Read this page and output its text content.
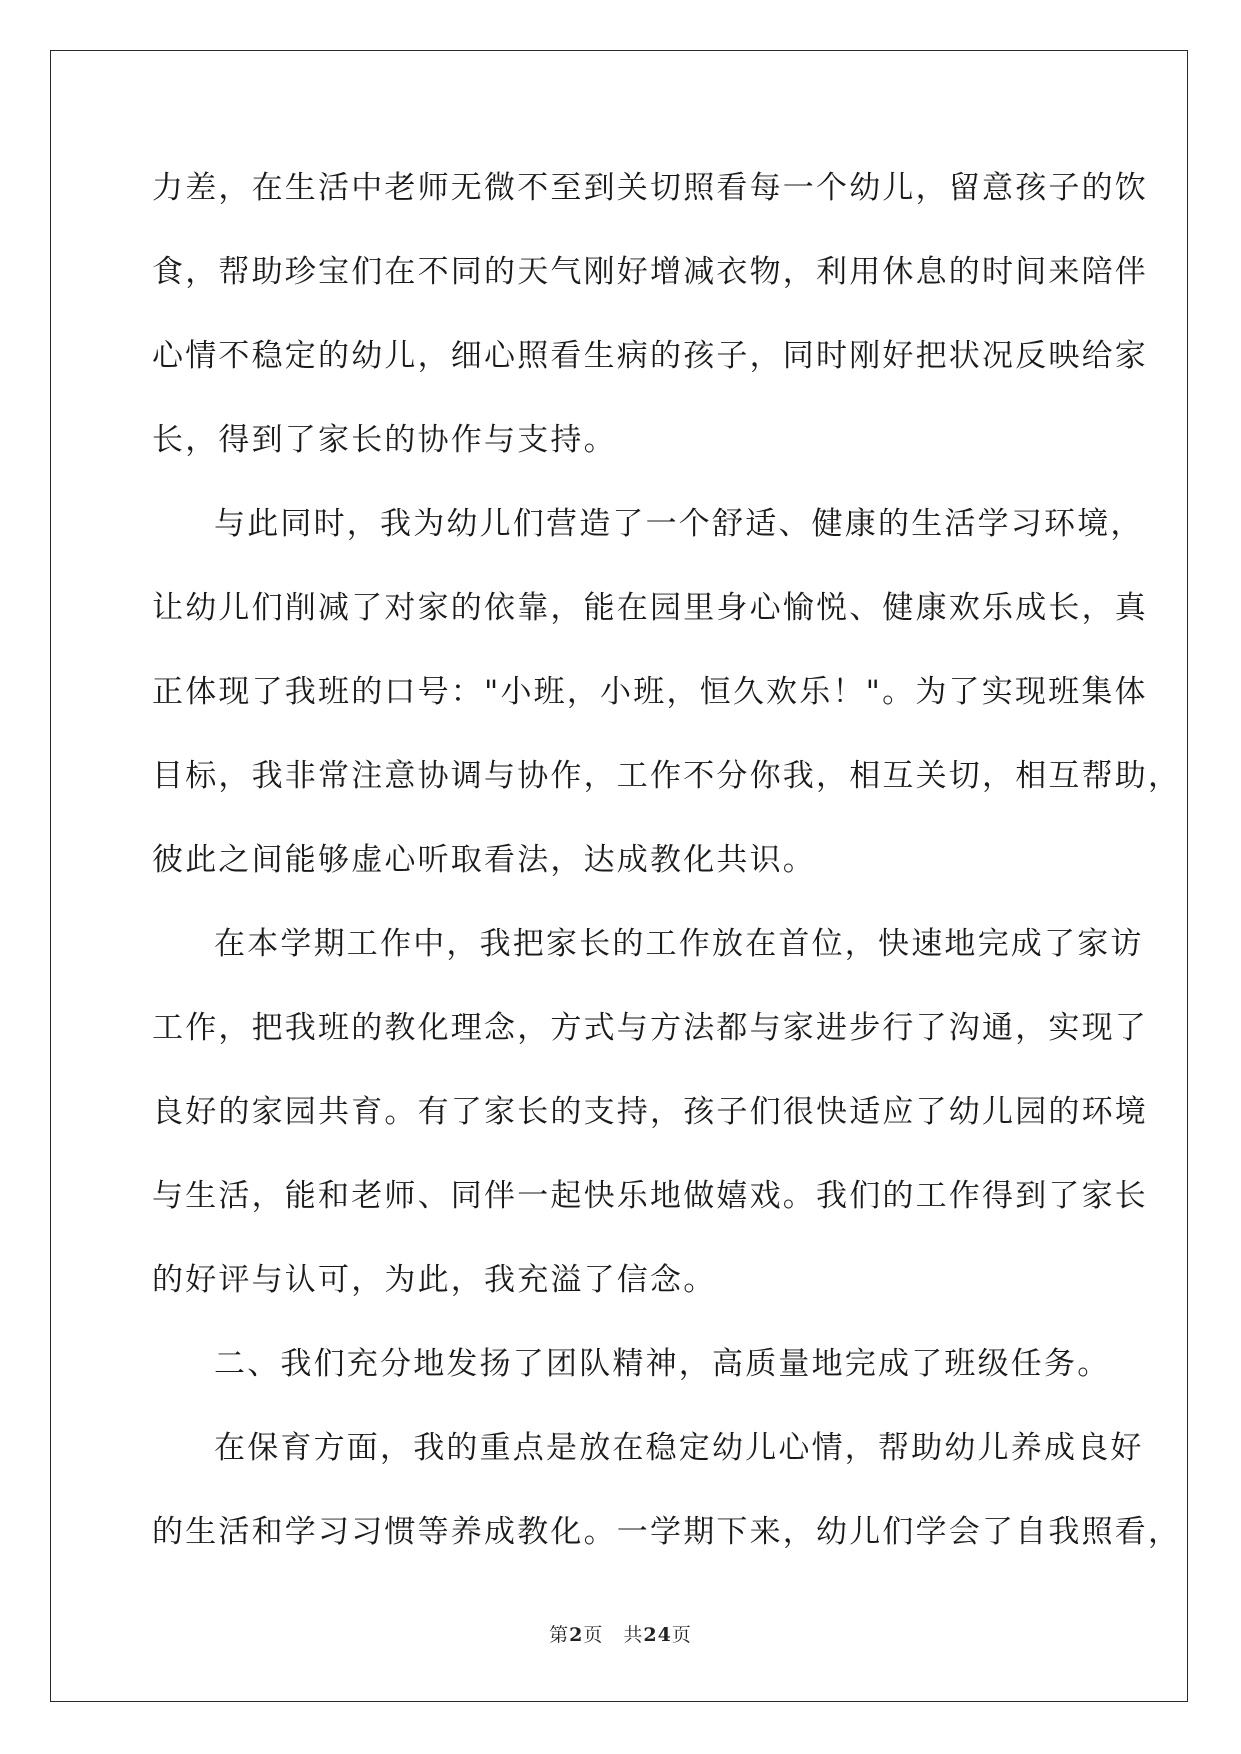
力差，在生活中老师无微不至到关切照看每一个幼儿，留意孩子的饮
食，帮助珍宝们在不同的天气刚好增减衣物，利用休息的时间来陪伴
心情不稳定的幼儿，细心照看生病的孩子，同时刚好把状况反映给家
长，得到了家长的协作与支持。
与此同时，我为幼儿们营造了一个舒适、健康的生活学习环境，
让幼儿们削减了对家的依靠，能在园里身心愉悦、健康欢乐成长，真
正体现了我班的口号："小班，小班，恒久欢乐！"。为了实现班集体
目标，我非常注意协调与协作，工作不分你我，相互关切，相互帮助，
彼此之间能够虚心听取看法，达成教化共识。
在本学期工作中，我把家长的工作放在首位，快速地完成了家访
工作，把我班的教化理念，方式与方法都与家进步行了沟通，实现了
良好的家园共育。有了家长的支持，孩子们很快适应了幼儿园的环境
与生活，能和老师、同伴一起快乐地做嬉戏。我们的工作得到了家长
的好评与认可，为此，我充溢了信念。
二、我们充分地发扬了团队精神，高质量地完成了班级任务。
在保育方面，我的重点是放在稳定幼儿心情，帮助幼儿养成良好
的生活和学习习惯等养成教化。一学期下来，幼儿们学会了自我照看，
第2页　共24页
